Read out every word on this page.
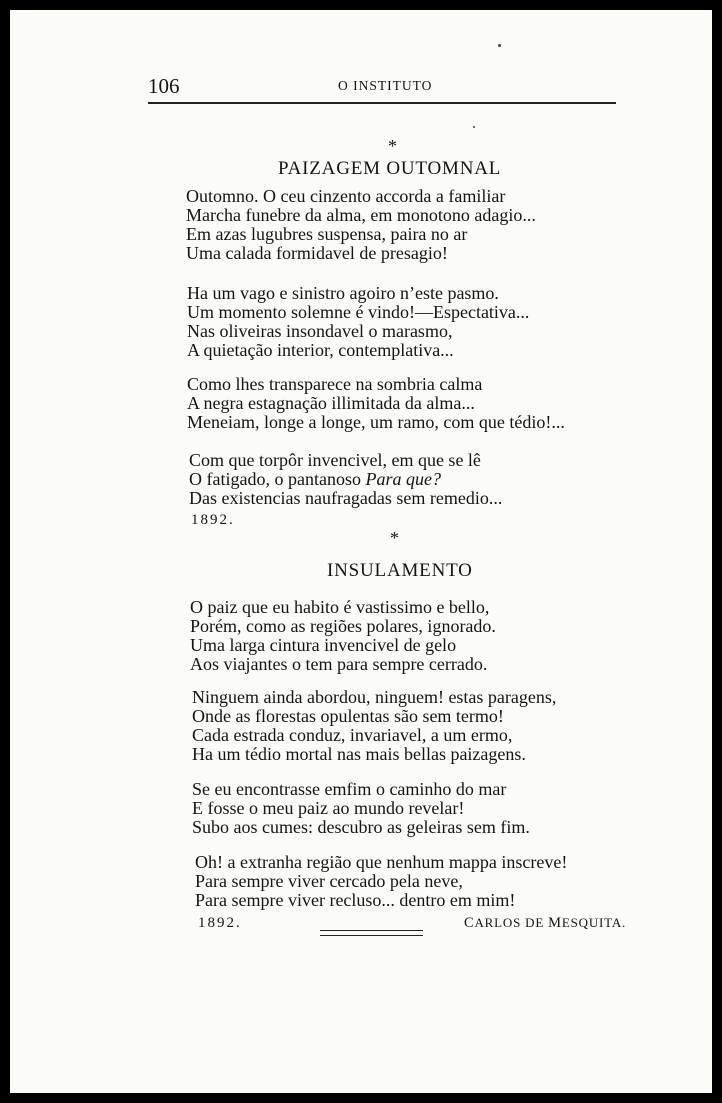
106	O INSTITUTO
*
PAIZAGEM OUTOMNAL
Outomno. O ceu cinzento accorda a familiar
Marcha funebre da alma, em monotono adagio...
Em azas lugubres suspensa, paira no ar
Uma calada formidavel de presagio!
Ha um vago e sinistro agoiro n’este pasmo.
Um momento solemne é vindo!—Espectativa...
Nas oliveiras insondavel o marasmo,
A quietação interior, contemplativa...
Como lhes transparece na sombria calma
A negra estagnação illimitada da alma...
Meneiam, longe a longe, um ramo, com que tédio!...
Com que torpôr invencivel, em que se lê
O fatigado, o pantanoso Para que?
Das existencias naufragadas sem remedio...
1892.
*
INSULAMENTO
O paiz que eu habito é vastissimo e bello,
Porém, como as regiões polares, ignorado.
Uma larga cintura invencivel de gelo
Aos viajantes o tem para sempre cerrado.
Ninguem ainda abordou, ninguem! estas paragens,
Onde as florestas opulentas são sem termo!
Cada estrada conduz, invariavel, a um ermo,
Ha um tédio mortal nas mais bellas paizagens.
Se eu encontrasse emfim o caminho do mar
E fosse o meu paiz ao mundo revelar!
Subo aos cumes: descubro as geleiras sem fim.
Oh! a extranha região que nenhum mappa inscreve!
Para sempre viver cercado pela neve,
Para sempre viver recluso... dentro em mim!
1892.	CARLOS DE MESQUITA.
